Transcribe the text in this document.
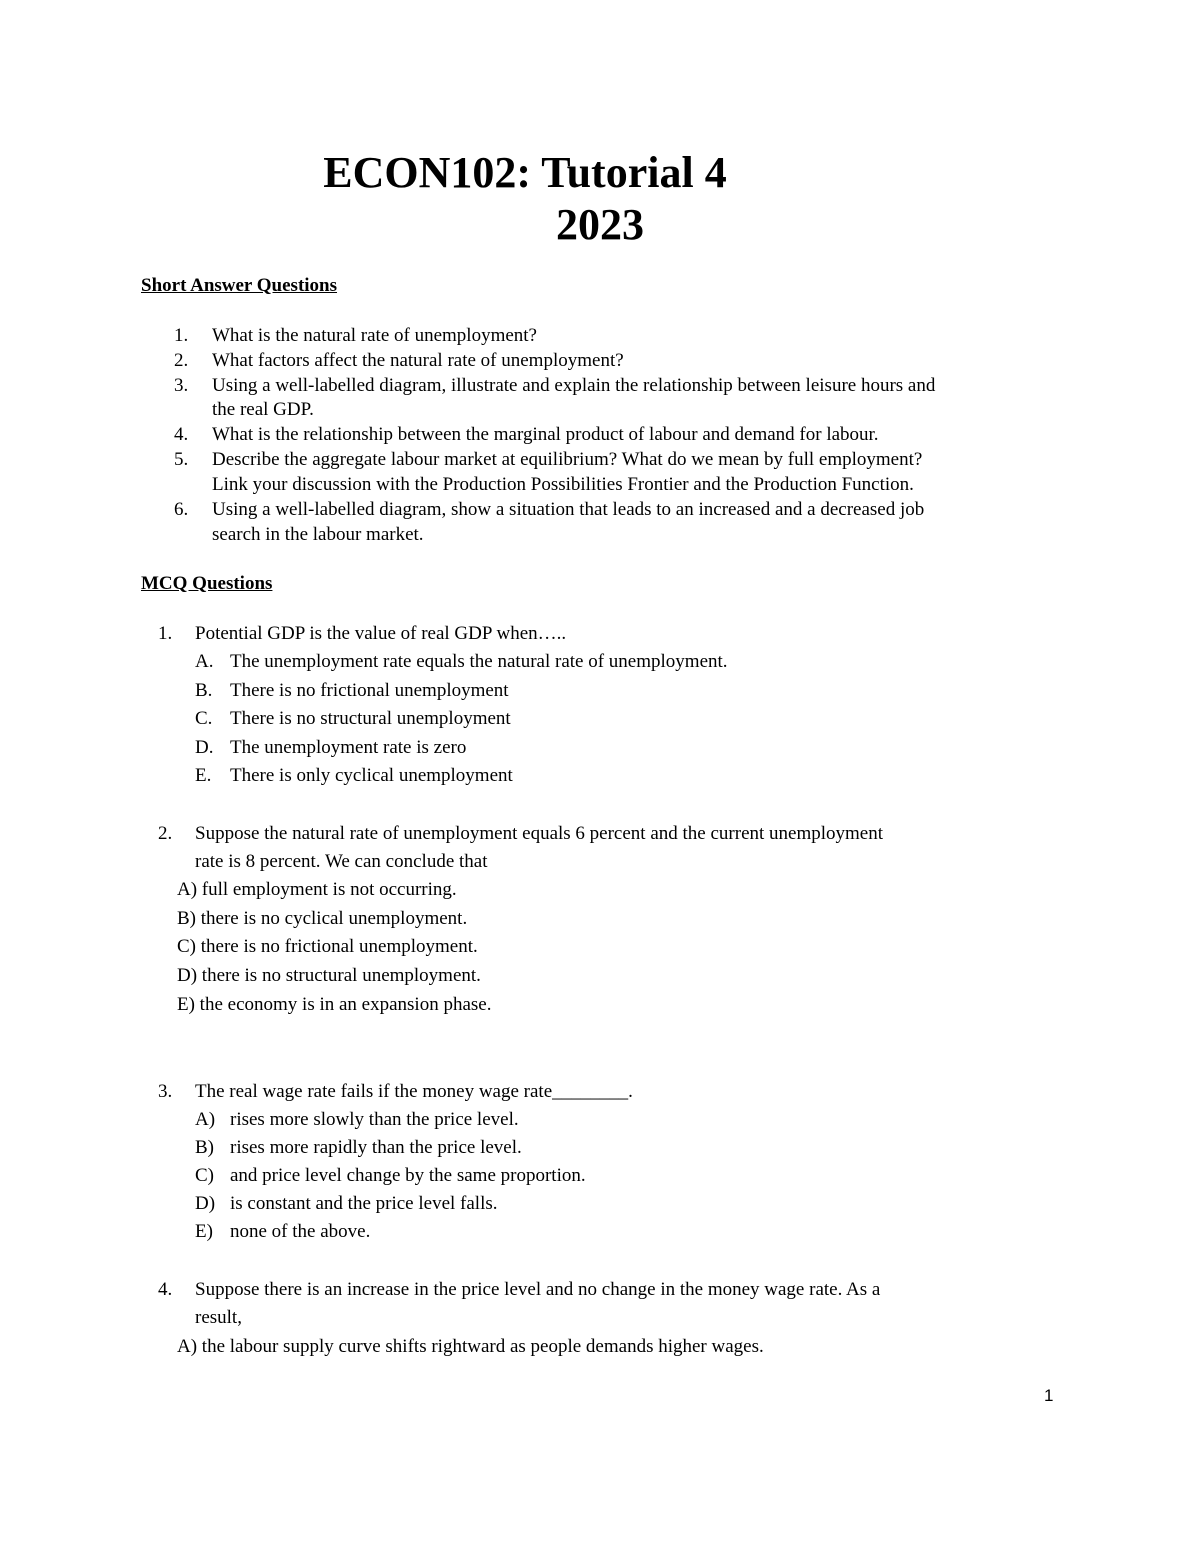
ECON102: Tutorial 4
2023
Short Answer Questions
1. What is the natural rate of unemployment?
2. What factors affect the natural rate of unemployment?
3. Using a well-labelled diagram, illustrate and explain the relationship between leisure hours and
the real GDP.
4. What is the relationship between the marginal product of labour and demand for labour.
5. Describe the aggregate labour market at equilibrium? What do we mean by full employment?
Link your discussion with the Production Possibilities Frontier and the Production Function.
6. Using a well-labelled diagram, show a situation that leads to an increased and a decreased job
search in the labour market.
MCQ Questions
1. Potential GDP is the value of real GDP when…..
A. The unemployment rate equals the natural rate of unemployment.
B. There is no frictional unemployment
C. There is no structural unemployment
D. The unemployment rate is zero
E. There is only cyclical unemployment
2. Suppose the natural rate of unemployment equals 6 percent and the current unemployment
rate is 8 percent. We can conclude that
A) full employment is not occurring.
B) there is no cyclical unemployment.
C) there is no frictional unemployment.
D) there is no structural unemployment.
E) the economy is in an expansion phase.
3. The real wage rate fails if the money wage rate________.
A) rises more slowly than the price level.
B) rises more rapidly than the price level.
C) and price level change by the same proportion.
D) is constant and the price level falls.
E) none of the above.
4. Suppose there is an increase in the price level and no change in the money wage rate. As a
result,
A) the labour supply curve shifts rightward as people demands higher wages.
1
